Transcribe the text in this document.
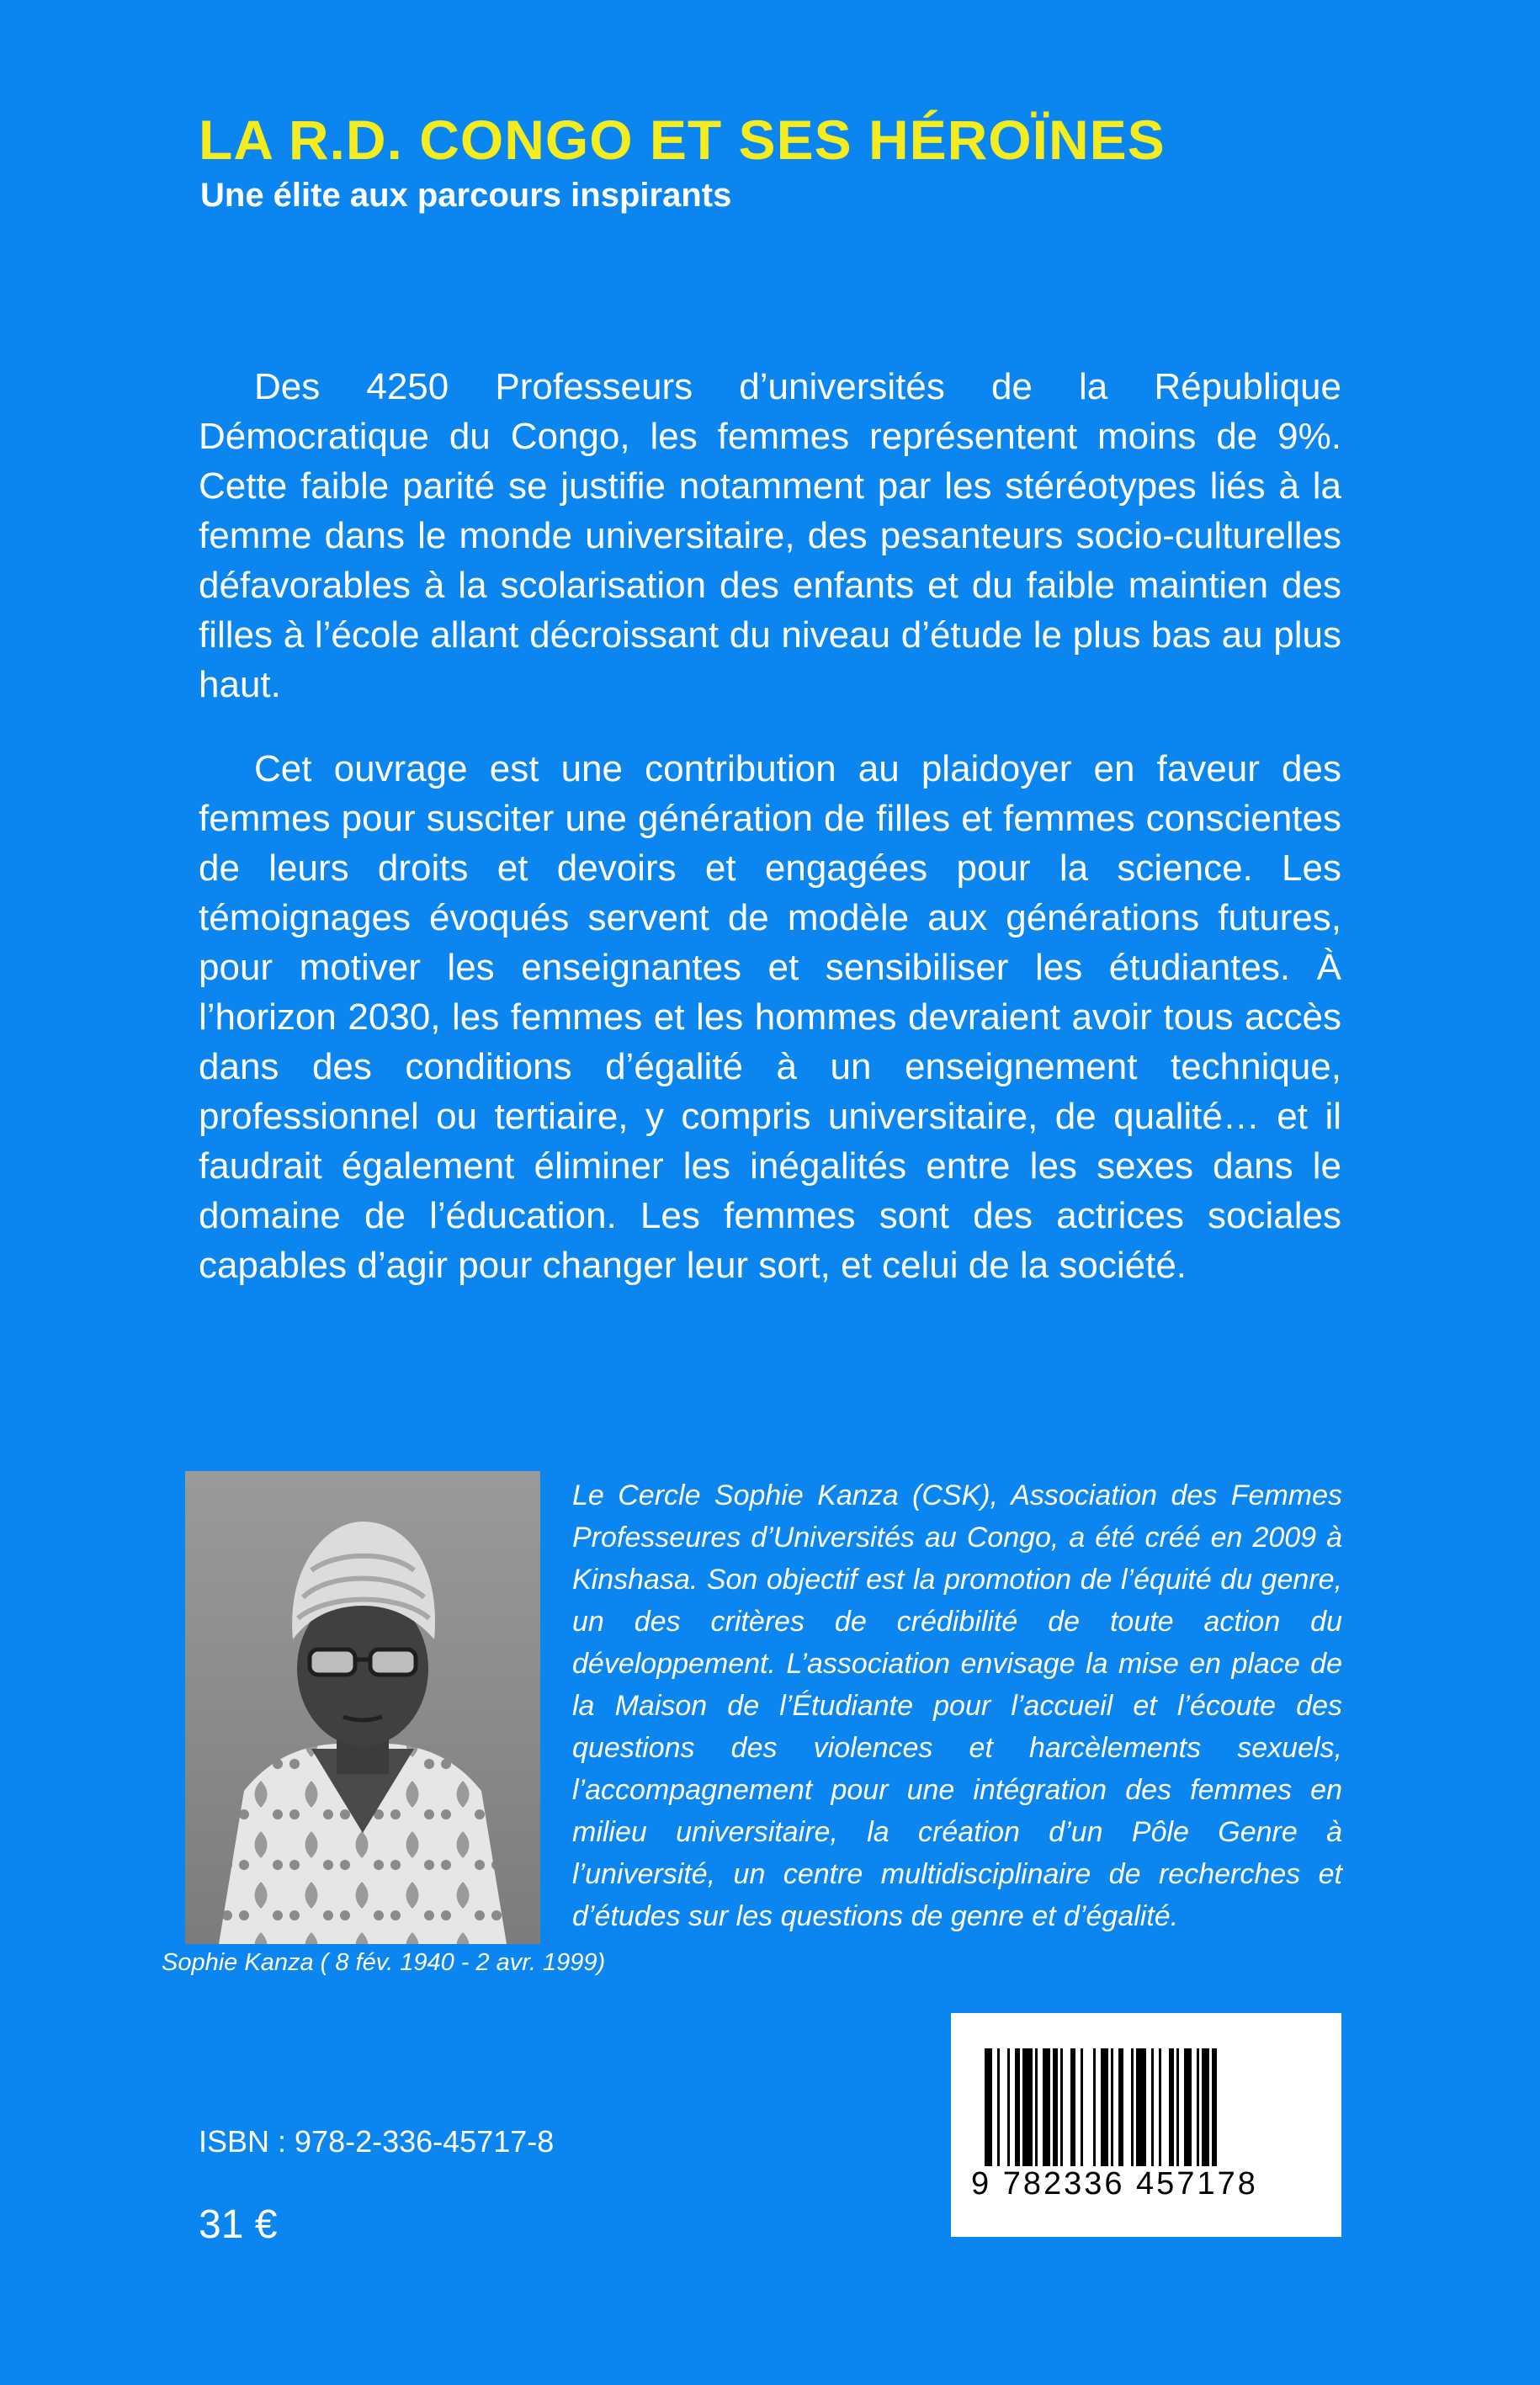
LA R.D. CONGO ET SES HÉROÏNES
Une élite aux parcours inspirants

Des 4250 Professeurs d’universités de la République Démocratique du Congo, les femmes représentent moins de 9%. Cette faible parité se justifie notamment par les stéréotypes liés à la femme dans le monde universitaire, des pesanteurs socio-culturelles défavorables à la scolarisation des enfants et du faible maintien des filles à l’école allant décroissant du niveau d’étude le plus bas au plus haut.

Cet ouvrage est une contribution au plaidoyer en faveur des femmes pour susciter une génération de filles et femmes conscientes de leurs droits et devoirs et engagées pour la science. Les témoignages évoqués servent de modèle aux générations futures, pour motiver les enseignantes et sensibiliser les étudiantes. À l’horizon 2030, les femmes et les hommes devraient avoir tous accès dans des conditions d’égalité à un enseignement technique, professionnel ou tertiaire, y compris universitaire, de qualité… et il faudrait également éliminer les inégalités entre les sexes dans le domaine de l’éducation. Les femmes sont des actrices sociales capables d’agir pour changer leur sort, et celui de la société.

Sophie Kanza ( 8 fév. 1940 - 2 avr. 1999)

Le Cercle Sophie Kanza (CSK), Association des Femmes Professeures d’Universités au Congo, a été créé en 2009 à Kinshasa. Son objectif est la promotion de l’équité du genre, un des critères de crédibilité de toute action du développement. L’association envisage la mise en place de la Maison de l’Étudiante pour l’accueil et l’écoute des questions des violences et harcèlements sexuels, l’accompagnement pour une intégration des femmes en milieu universitaire, la création d’un Pôle Genre à l’université, un centre multidisciplinaire de recherches et d’études sur les questions de genre et d’égalité.

ISBN : 978-2-336-45717-8
31 €
9 782336 457178
